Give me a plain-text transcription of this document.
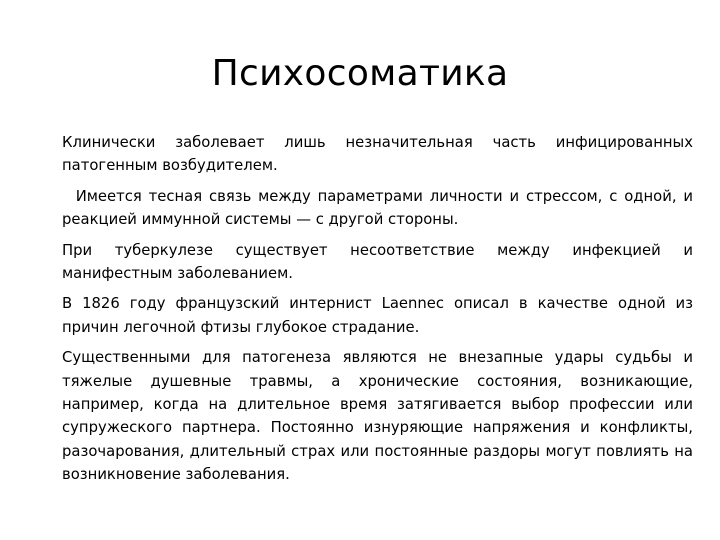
Психосоматика

Клинически заболевает лишь незначительная часть инфицированных патогенным возбудителем.

Имеется тесная связь между параметрами личности и стрессом, с одной, и реакцией иммунной системы — с другой стороны.

При туберкулезе существует несоответствие между инфекцией и манифестным заболеванием.

В 1826 году французский интернист Laennec описал в качестве одной из причин легочной фтизы глубокое страдание.

Существенными для патогенеза являются не внезапные удары судьбы и тяжелые душевные травмы, а хронические состояния, возникающие, например, когда на длительное время затягивается выбор профессии или супружеского партнера. Постоянно изнуряющие напряжения и конфликты, разочарования, длительный страх или постоянные раздоры могут повлиять на возникновение заболевания.
